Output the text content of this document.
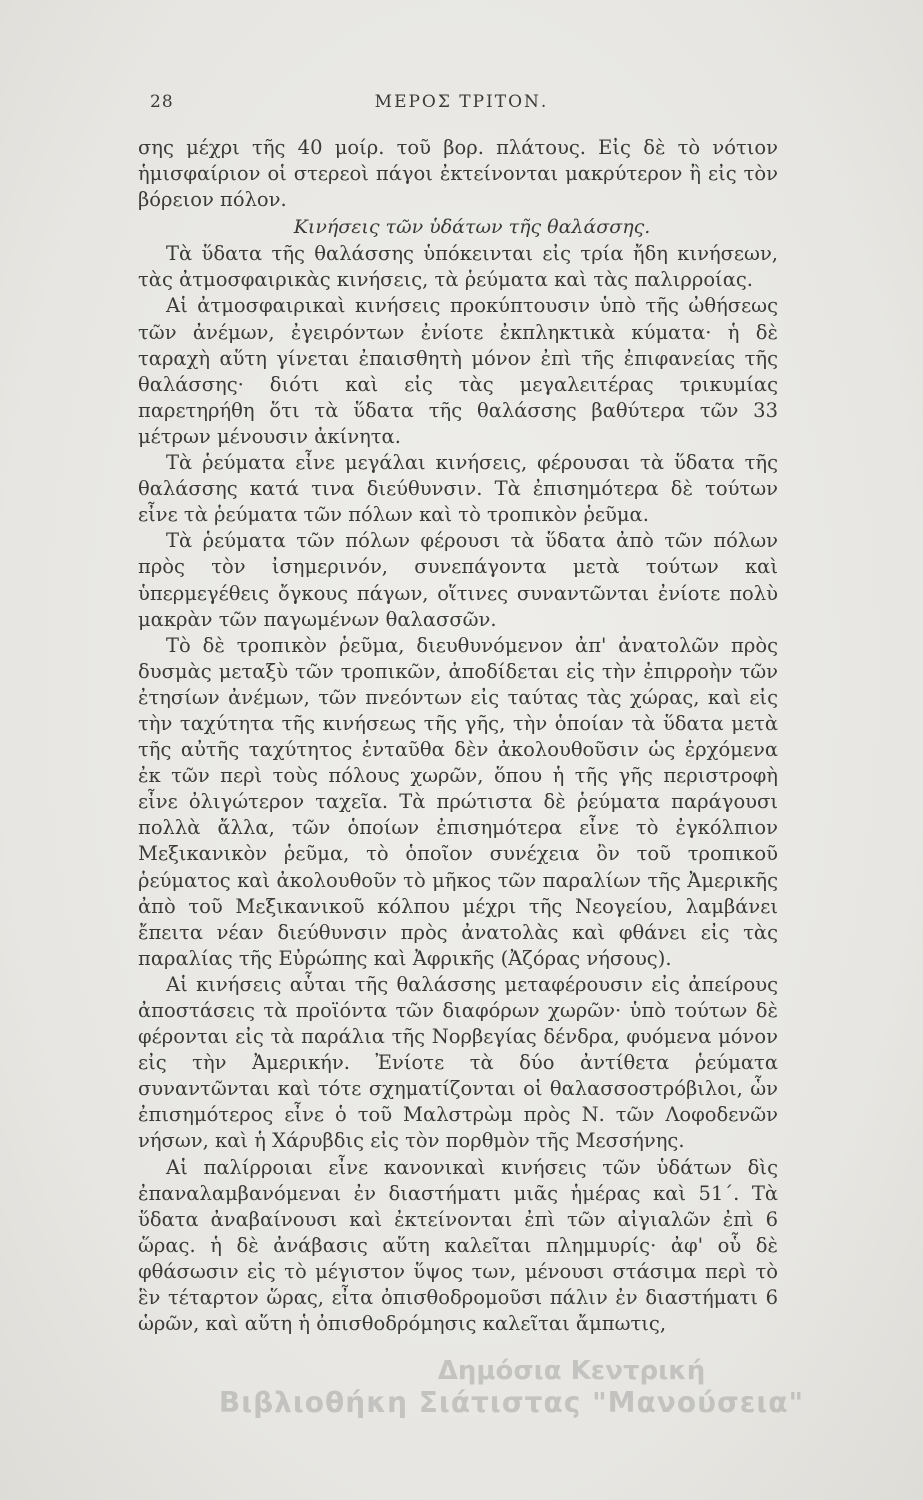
28	ΜΕΡΟΣ ΤΡΙΤΟΝ.

σης μέχρι τῆς 40 μοίρ. τοῦ βορ. πλάτους. Εἰς δὲ τὸ νότιον ἡμισφαίριον οἱ στερεοὶ πάγοι ἐκτείνονται μακρύτερον ἢ εἰς τὸν βόρειον πόλον.

Κινήσεις τῶν ὑδάτων τῆς θαλάσσης.

Τὰ ὕδατα τῆς θαλάσσης ὑπόκεινται εἰς τρία ἤδη κινήσεων, τὰς ἀτμοσφαιρικὰς κινήσεις, τὰ ῥεύματα καὶ τὰς παλιρροίας.

Αἱ ἀτμοσφαιρικαὶ κινήσεις προκύπτουσιν ὑπὸ τῆς ὠθήσεως τῶν ἀνέμων, ἐγειρόντων ἐνίοτε ἐκπληκτικὰ κύματα· ἡ δὲ ταραχὴ αὕτη γίνεται ἐπαισθητὴ μόνον ἐπὶ τῆς ἐπιφανείας τῆς θαλάσσης· διότι καὶ εἰς τὰς μεγαλειτέρας τρικυμίας παρετηρήθη ὅτι τὰ ὕδατα τῆς θαλάσσης βαθύτερα τῶν 33 μέτρων μένουσιν ἀκίνητα.

Τὰ ῥεύματα εἶνε μεγάλαι κινήσεις, φέρουσαι τὰ ὕδατα τῆς θαλάσσης κατά τινα διεύθυνσιν. Τὰ ἐπισημότερα δὲ τούτων εἶνε τὰ ῥεύματα τῶν πόλων καὶ τὸ τροπικὸν ῥεῦμα.

Τὰ ῥεύματα τῶν πόλων φέρουσι τὰ ὕδατα ἀπὸ τῶν πόλων πρὸς τὸν ἰσημερινόν, συνεπάγοντα μετὰ τούτων καὶ ὑπερμεγέθεις ὄγκους πάγων, οἵτινες συναντῶνται ἐνίοτε πολὺ μακρὰν τῶν παγωμένων θαλασσῶν.

Τὸ δὲ τροπικὸν ῥεῦμα, διευθυνόμενον ἀπ' ἀνατολῶν πρὸς δυσμὰς μεταξὺ τῶν τροπικῶν, ἀποδίδεται εἰς τὴν ἐπιρροὴν τῶν ἐτησίων ἀνέμων, τῶν πνεόντων εἰς ταύτας τὰς χώρας, καὶ εἰς τὴν ταχύτητα τῆς κινήσεως τῆς γῆς, τὴν ὁποίαν τὰ ὕδατα μετὰ τῆς αὐτῆς ταχύτητος ἐνταῦθα δὲν ἀκολουθοῦσιν ὡς ἐρχόμενα ἐκ τῶν περὶ τοὺς πόλους χωρῶν, ὅπου ἡ τῆς γῆς περιστροφὴ εἶνε ὀλιγώτερον ταχεῖα. Τὰ πρώτιστα δὲ ῥεύματα παράγουσι πολλὰ ἄλλα, τῶν ὁποίων ἐπισημότερα εἶνε τὸ ἐγκόλπιον Μεξικανικὸν ῥεῦμα, τὸ ὁποῖον συνέχεια ὂν τοῦ τροπικοῦ ῥεύματος καὶ ἀκολουθοῦν τὸ μῆκος τῶν παραλίων τῆς Ἀμερικῆς ἀπὸ τοῦ Μεξικανικοῦ κόλπου μέχρι τῆς Νεογείου, λαμβάνει ἔπειτα νέαν διεύθυνσιν πρὸς ἀνατολὰς καὶ φθάνει εἰς τὰς παραλίας τῆς Εὐρώπης καὶ Ἀφρικῆς (Ἀζόρας νήσους).

Αἱ κινήσεις αὗται τῆς θαλάσσης μεταφέρουσιν εἰς ἀπείρους ἀποστάσεις τὰ προϊόντα τῶν διαφόρων χωρῶν· ὑπὸ τούτων δὲ φέρονται εἰς τὰ παράλια τῆς Νορβεγίας δένδρα, φυόμενα μόνον εἰς τὴν Ἀμερικήν. Ἐνίοτε τὰ δύο ἀντίθετα ῥεύματα συναντῶνται καὶ τότε σχηματίζονται οἱ θαλασσοστρόβιλοι, ὧν ἐπισημότερος εἶνε ὁ τοῦ Μαλστρὼμ πρὸς Ν. τῶν Λοφοδενῶν νήσων, καὶ ἡ Χάρυβδις εἰς τὸν πορθμὸν τῆς Μεσσήνης.

Αἱ παλίρροιαι εἶνε κανονικαὶ κινήσεις τῶν ὑδάτων δὶς ἐπαναλαμβανόμεναι ἐν διαστήματι μιᾶς ἡμέρας καὶ 51΄. Τὰ ὕδατα ἀναβαίνουσι καὶ ἐκτείνονται ἐπὶ τῶν αἰγιαλῶν ἐπὶ 6 ὥρας. ἡ δὲ ἀνάβασις αὕτη καλεῖται πλημμυρίς· ἀφ' οὗ δὲ φθάσωσιν εἰς τὸ μέγιστον ὕψος των, μένουσι στάσιμα περὶ τὸ ἓν τέταρτον ὥρας, εἶτα ὀπισθοδρομοῦσι πάλιν ἐν διαστήματι 6 ὡρῶν, καὶ αὕτη ἡ ὀπισθοδρόμησις καλεῖται ἄμπωτις,

Δημόσια Κεντρική
Βιβλιοθήκη Σιάτιστας "Μανούσεια"
